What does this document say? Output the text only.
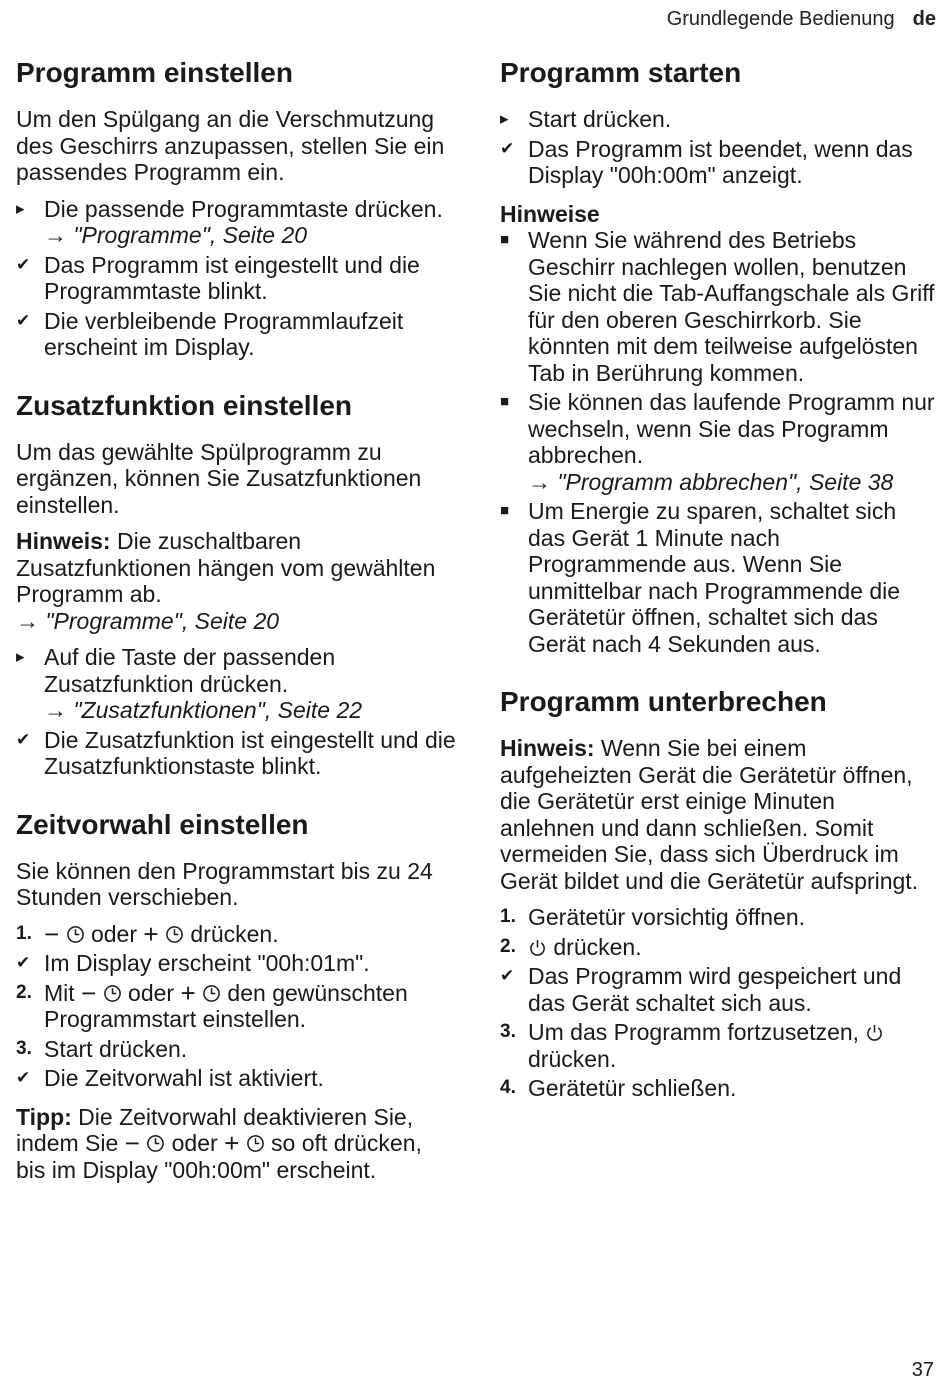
Grundlegende Bedienung de
Programm einstellen

Um den Spülgang an die Verschmutzung des Geschirrs anzupassen, stellen Sie ein passendes Programm ein.

▸ Die passende Programmtaste drücken.
→ "Programme", Seite 20
✔ Das Programm ist eingestellt und die Programmtaste blinkt.
✔ Die verbleibende Programmlaufzeit erscheint im Display.
Zusatzfunktion einstellen

Um das gewählte Spülprogramm zu ergänzen, können Sie Zusatzfunktionen einstellen.

Hinweis: Die zuschaltbaren Zusatzfunktionen hängen vom gewählten Programm ab.

→ "Programme", Seite 20

▸ Auf die Taste der passenden Zusatzfunktion drücken.
→ "Zusatzfunktionen", Seite 22
✔ Die Zusatzfunktion ist eingestellt und die Zusatzfunktionstaste blinkt.
Zeitvorwahl einstellen

Sie können den Programmstart bis zu 24 Stunden verschieben.

1. −  oder +  drücken.
✔ Im Display erscheint "00h:01m".
2. Mit −  oder +  den gewünschten Programmstart einstellen.
3. Start drücken.
✔ Die Zeitvorwahl ist aktiviert.

Tipp: Die Zeitvorwahl deaktivieren Sie, indem Sie −  oder +  so oft drücken, bis im Display "00h:00m" erscheint.

Programm starten
▸ Start drücken.
✔ Das Programm ist beendet, wenn das Display "00h:00m" anzeigt.

Hinweise

■ Wenn Sie während des Betriebs Geschirr nachlegen wollen, benutzen Sie nicht die Tab-Auffangschale als Griff für den oberen Geschirrkorb. Sie könnten mit dem teilweise aufgelösten Tab in Berührung kommen.
■ Sie können das laufende Programm nur wechseln, wenn Sie das Programm abbrechen.
→ "Programm abbrechen", Seite 38
■ Um Energie zu sparen, schaltet sich das Gerät 1 Minute nach Programmende aus. Wenn Sie unmittelbar nach Programmende die Gerätetür öffnen, schaltet sich das Gerät nach 4 Sekunden aus.
Programm unterbrechen

Hinweis: Wenn Sie bei einem aufgeheizten Gerät die Gerätetür öffnen, die Gerätetür erst einige Minuten anlehnen und dann schließen. Somit vermeiden Sie, dass sich Überdruck im Gerät bildet und die Gerätetür aufspringt.

1. Gerätetür vorsichtig öffnen.
2.	drücken.
✔ Das Programm wird gespeichert und das Gerät schaltet sich aus.
3. Um das Programm fortzusetzen,  drücken.
4. Gerätetür schließen.
37
